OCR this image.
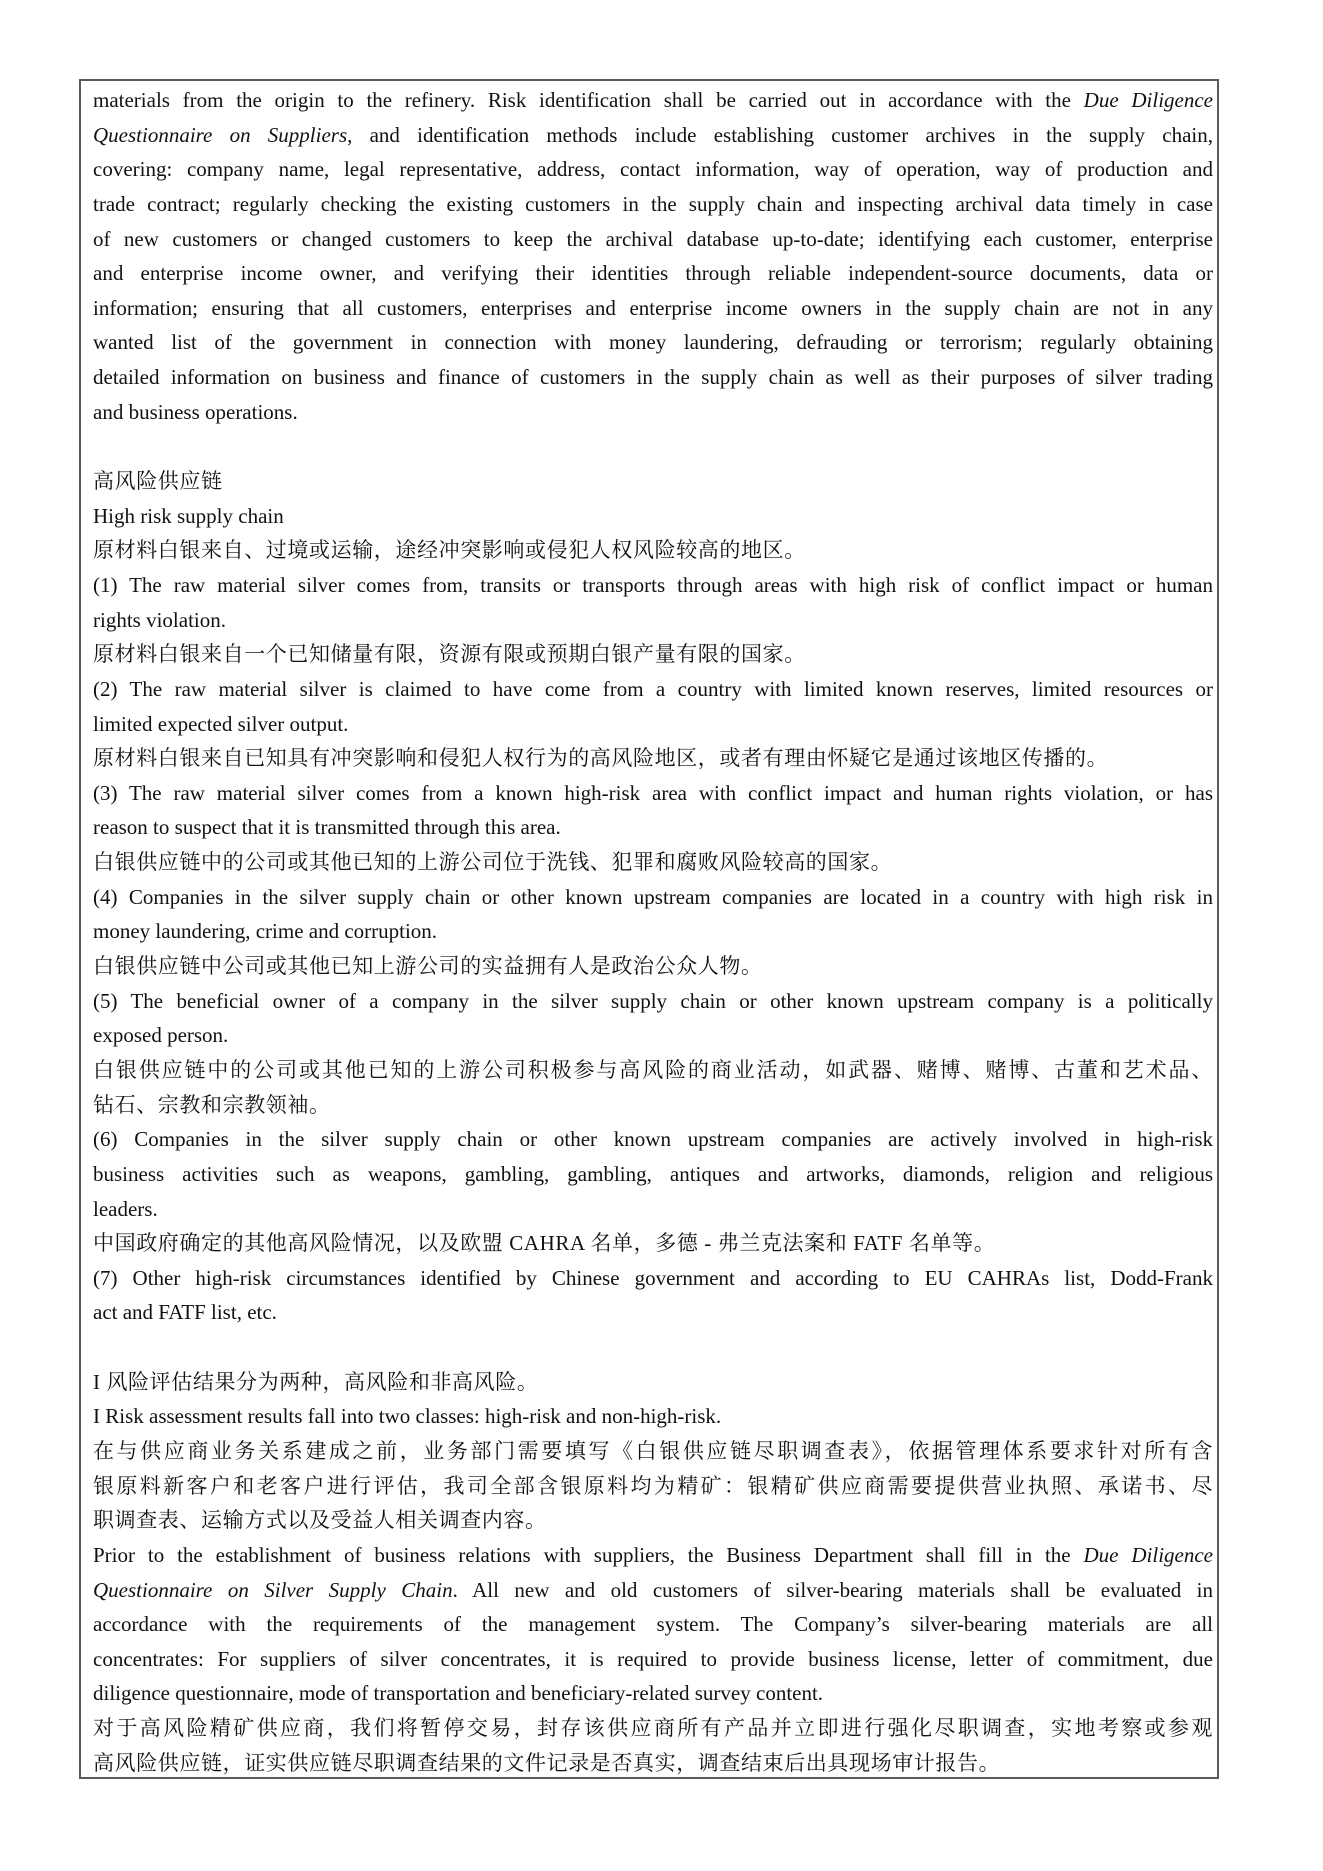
materials from the origin to the refinery. Risk identification shall be carried out in accordance with the Due Diligence
Questionnaire on Suppliers, and identification methods include establishing customer archives in the supply chain,
covering: company name, legal representative, address, contact information, way of operation, way of production and
trade contract; regularly checking the existing customers in the supply chain and inspecting archival data timely in case
of new customers or changed customers to keep the archival database up-to-date; identifying each customer, enterprise
and enterprise income owner, and verifying their identities through reliable independent-source documents, data or
information; ensuring that all customers, enterprises and enterprise income owners in the supply chain are not in any
wanted list of the government in connection with money laundering, defrauding or terrorism; regularly obtaining
detailed information on business and finance of customers in the supply chain as well as their purposes of silver trading
and business operations.
高风险供应链
High risk supply chain
原材料白银来自、过境或运输，途经冲突影响或侵犯人权风险较高的地区。
(1) The raw material silver comes from, transits or transports through areas with high risk of conflict impact or human
rights violation.
原材料白银来自一个已知储量有限，资源有限或预期白银产量有限的国家。
(2) The raw material silver is claimed to have come from a country with limited known reserves, limited resources or
limited expected silver output.
原材料白银来自已知具有冲突影响和侵犯人权行为的高风险地区，或者有理由怀疑它是通过该地区传播的。
(3) The raw material silver comes from a known high-risk area with conflict impact and human rights violation, or has
reason to suspect that it is transmitted through this area.
白银供应链中的公司或其他已知的上游公司位于洗钱、犯罪和腐败风险较高的国家。
(4) Companies in the silver supply chain or other known upstream companies are located in a country with high risk in
money laundering, crime and corruption.
白银供应链中公司或其他已知上游公司的实益拥有人是政治公众人物。
(5) The beneficial owner of a company in the silver supply chain or other known upstream company is a politically
exposed person.
白银供应链中的公司或其他已知的上游公司积极参与高风险的商业活动，如武器、赌博、赌博、古董和艺术品、
钻石、宗教和宗教领袖。
(6) Companies in the silver supply chain or other known upstream companies are actively involved in high-risk
business activities such as weapons, gambling, gambling, antiques and artworks, diamonds, religion and religious
leaders.
中国政府确定的其他高风险情况，以及欧盟 CAHRA 名单，多德 - 弗兰克法案和 FATF 名单等。
(7) Other high-risk circumstances identified by Chinese government and according to EU CAHRAs list, Dodd-Frank
act and FATF list, etc.
I 风险评估结果分为两种，高风险和非高风险。
I Risk assessment results fall into two classes: high-risk and non-high-risk.
在与供应商业务关系建成之前，业务部门需要填写《白银供应链尽职调查表》，依据管理体系要求针对所有含
银原料新客户和老客户进行评估，我司全部含银原料均为精矿：银精矿供应商需要提供营业执照、承诺书、尽
职调查表、运输方式以及受益人相关调查内容。
Prior to the establishment of business relations with suppliers, the Business Department shall fill in the Due Diligence
Questionnaire on Silver Supply Chain. All new and old customers of silver-bearing materials shall be evaluated in
accordance with the requirements of the management system. The Company’s silver-bearing materials are all
concentrates: For suppliers of silver concentrates, it is required to provide business license, letter of commitment, due
diligence questionnaire, mode of transportation and beneficiary-related survey content.
对于高风险精矿供应商，我们将暂停交易，封存该供应商所有产品并立即进行强化尽职调查，实地考察或参观
高风险供应链，证实供应链尽职调查结果的文件记录是否真实，调查结束后出具现场审计报告。
